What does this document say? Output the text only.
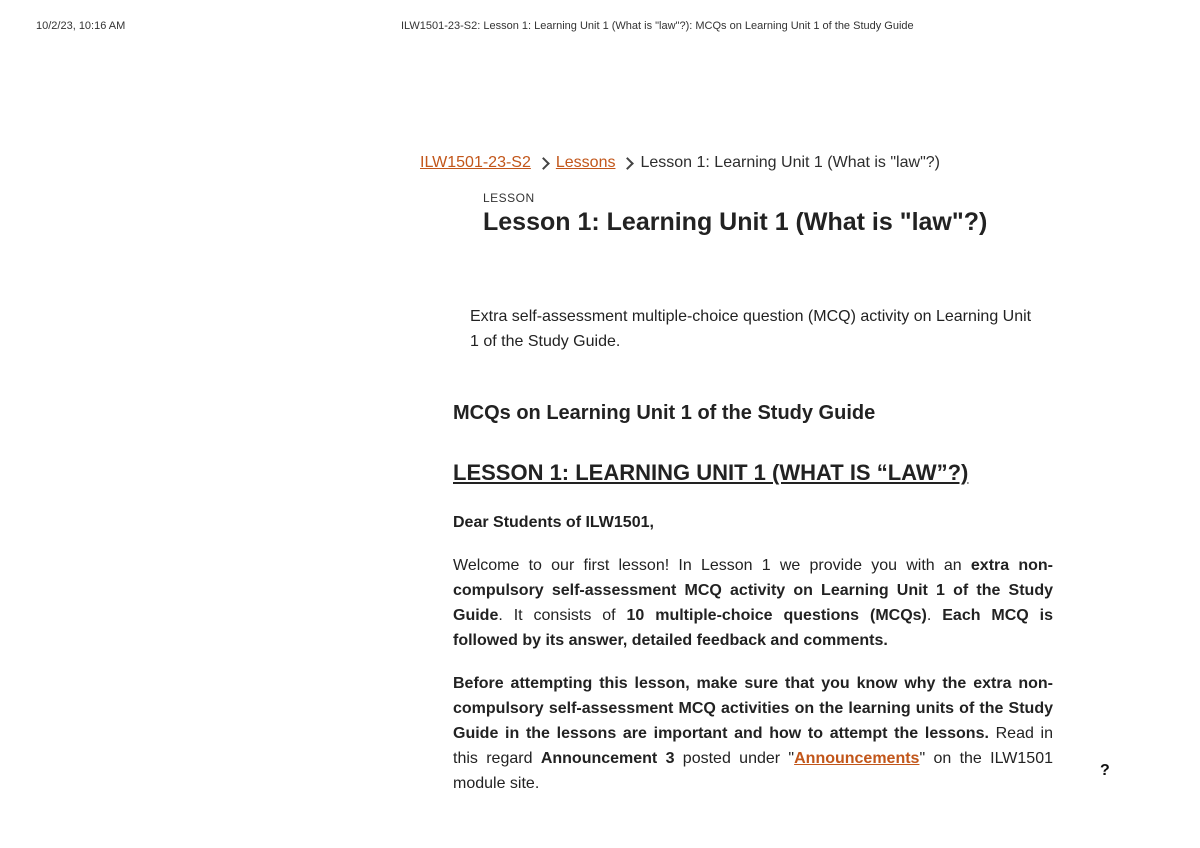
10/2/23, 10:16 AM	ILW1501-23-S2: Lesson 1: Learning Unit 1 (What is "law"?): MCQs on Learning Unit 1 of the Study Guide
ILW1501-23-S2 Lessons Lesson 1: Learning Unit 1 (What is "law"?)
LESSON
Lesson 1: Learning Unit 1 (What is "law"?)

Extra self-assessment multiple-choice question (MCQ) activity on Learning Unit 1 of the Study Guide.

MCQs on Learning Unit 1 of the Study Guide
LESSON 1: LEARNING UNIT 1 (WHAT IS “LAW”?)

Dear Students of ILW1501,

Welcome to our first lesson! In Lesson 1 we provide you with an extra non-compulsory self-assessment MCQ activity on Learning Unit 1 of the Study Guide. It consists of 10 multiple-choice questions (MCQs). Each MCQ is followed by its answer, detailed feedback and comments.

Before attempting this lesson, make sure that you know why the extra non-compulsory self-assessment MCQ activities on the learning units of the Study Guide in the lessons are important and how to attempt the lessons. Read in this regard Announcement 3 posted under "Announcements" on the ILW1501 module site.

?
